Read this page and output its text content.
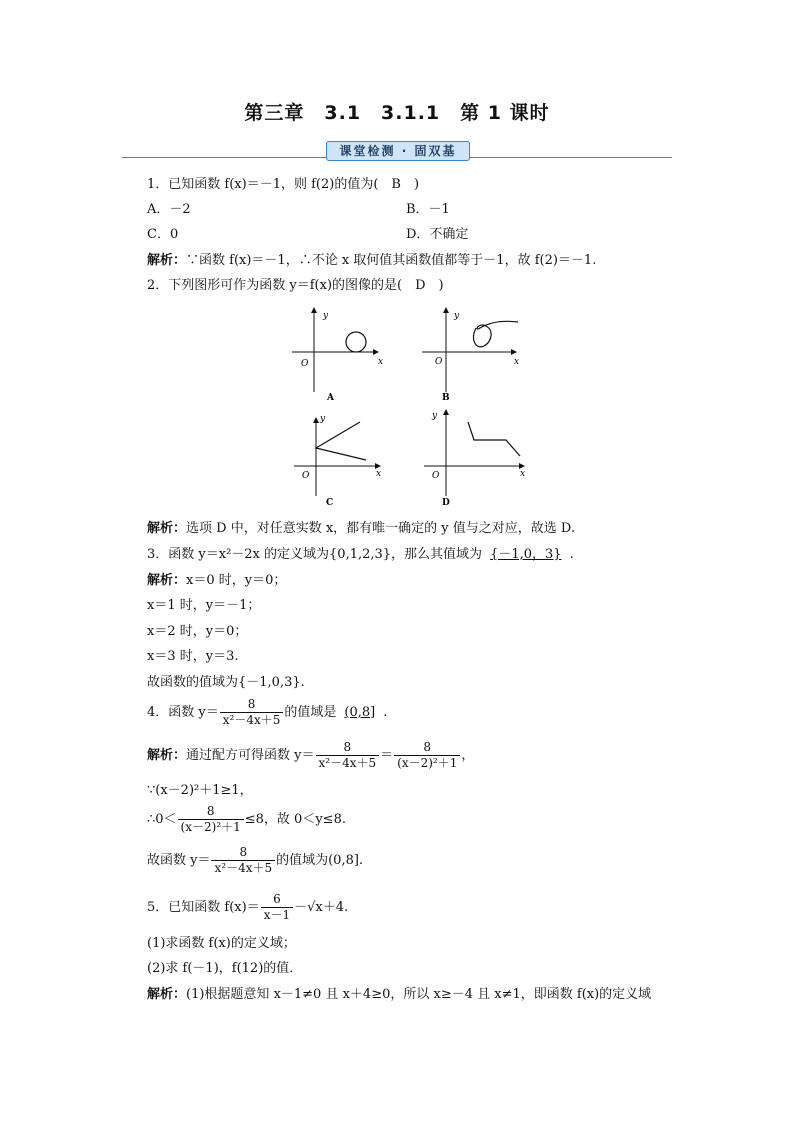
第三章　3.1　3.1.1　第 1 课时
课堂检测 · 固双基
1．已知函数 f(x)＝－1，则 f(2)的值为(　B　)
A．－2	B．－1
C．0	D．不确定
解析：∵函数 f(x)＝－1，∴不论 x 取何值其函数值都等于－1，故 f(2)＝－1.
2．下列图形可作为函数 y＝f(x)的图像的是(　D　)
y
x
O
A
y
x
O
B
y
x
O
C
y
x
O
D
解析：选项 D 中，对任意实数 x，都有唯一确定的 y 值与之对应，故选 D.
3．函数 y＝x²－2x 的定义域为{0,1,2,3}，那么其值域为 {－1,0，3} .
解析：x＝0 时，y＝0；
x＝1 时，y＝－1；
x＝2 时，y＝0；
x＝3 时，y＝3.
故函数的值域为{－1,0,3}.
4．函数 $y= \frac{8}{\text{x²－4x＋5}}$ 的值域是 (0,8] .
解析：通过配方可得函数 $y= \frac{8}{\text{x²－4x＋5}} = \frac{8}{\text{(x－2)²＋1}}$ ，
∵(x－2)²＋1≥1，
∴0＜ $\frac{8}{\text{(x－2)²＋1}} \le 8$，故 0＜y≤8.
故函数 $y= \frac{8}{\text{x²－4x＋5}}$ 的值域为(0,8].
5．已知函数 $f(x)= \frac{6}{x-1} -√x+4$.
(1)求函数 f(x)的定义域；
(2)求 f(－1)，f(12)的值．
解析：(1)根据题意知 x－1≠0 且 x＋4≥0，所以 x≥－4 且 x≠1，即函数 f(x)的定义域
